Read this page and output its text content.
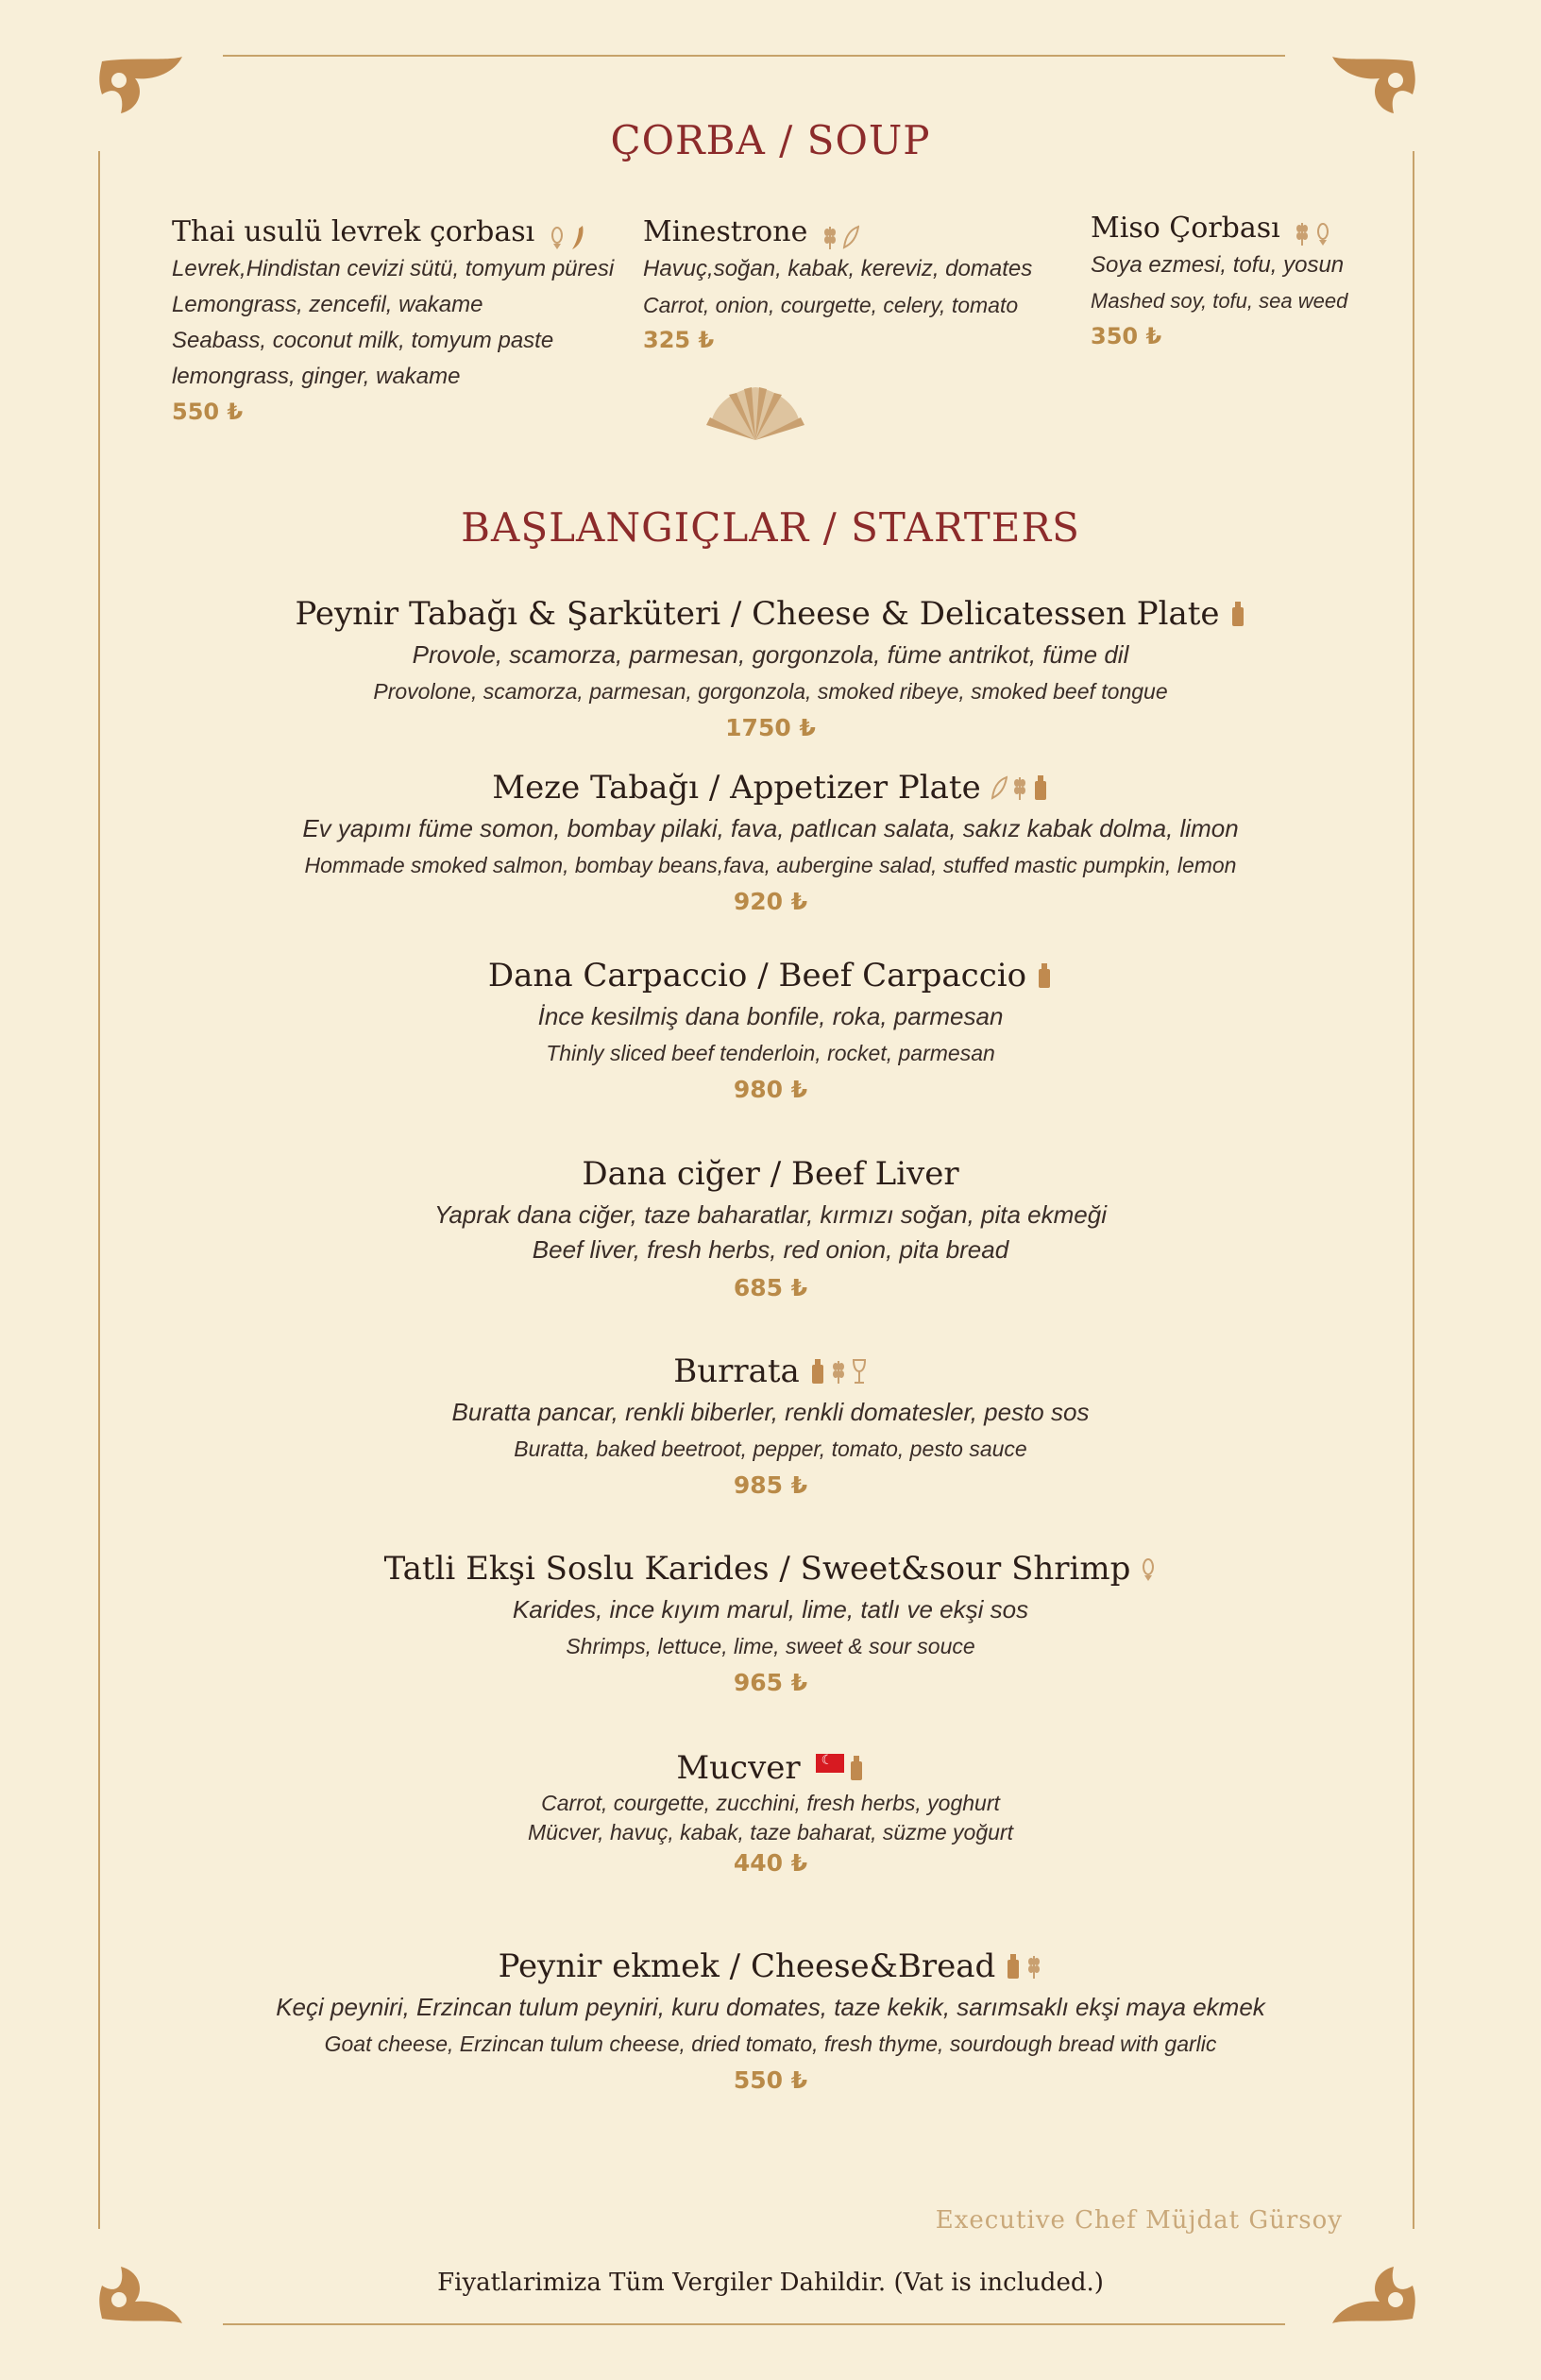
ÇORBA / SOUP
Thai usulü levrek çorbası
Levrek,Hindistan cevizi sütü, tomyum püresi
Lemongrass, zencefil, wakame
Seabass, coconut milk, tomyum paste
lemongrass, ginger, wakame
550 ₺
Minestrone
Havuç,soğan, kabak, kereviz, domates
Carrot, onion, courgette, celery, tomato
325 ₺
Miso Çorbası
Soya ezmesi, tofu, yosun
Mashed soy, tofu, sea weed
350 ₺
BAŞLANGIÇLAR / STARTERS
Peynir Tabağı & Şarküteri / Cheese & Delicatessen Plate
Provole, scamorza, parmesan, gorgonzola, füme antrikot, füme dil
Provolone, scamorza, parmesan, gorgonzola, smoked ribeye, smoked beef tongue
1750 ₺
Meze Tabağı / Appetizer Plate
Ev yapımı füme somon, bombay pilaki, fava, patlıcan salata, sakız kabak dolma, limon
Hommade smoked salmon, bombay beans,fava, aubergine salad, stuffed mastic pumpkin, lemon
920 ₺
Dana Carpaccio / Beef Carpaccio
İnce kesilmiş dana bonfile, roka, parmesan
Thinly sliced beef tenderloin, rocket, parmesan
980 ₺
Dana ciğer / Beef Liver
Yaprak dana ciğer, taze baharatlar, kırmızı soğan, pita ekmeği
Beef liver, fresh herbs, red onion, pita bread
685 ₺
Burrata
Buratta pancar, renkli biberler, renkli domatesler, pesto sos
Buratta, baked beetroot, pepper, tomato, pesto sauce
985 ₺
Tatli Ekşi Soslu Karides / Sweet&sour Shrimp
Karides, ince kıyım marul, lime, tatlı ve ekşi sos
Shrimps, lettuce, lime, sweet & sour souce
965 ₺
Mucver
☾
Carrot, courgette, zucchini, fresh herbs, yoghurt
Mücver, havuç, kabak, taze baharat, süzme yoğurt
440 ₺
Peynir ekmek / Cheese&Bread
Keçi peyniri, Erzincan tulum peyniri, kuru domates, taze kekik, sarımsaklı ekşi maya ekmek
Goat cheese, Erzincan tulum cheese, dried tomato, fresh thyme, sourdough bread with garlic
550 ₺
Executive Chef Müjdat Gürsoy
Fiyatlarimiza Tüm Vergiler Dahildir. (Vat is included.)
